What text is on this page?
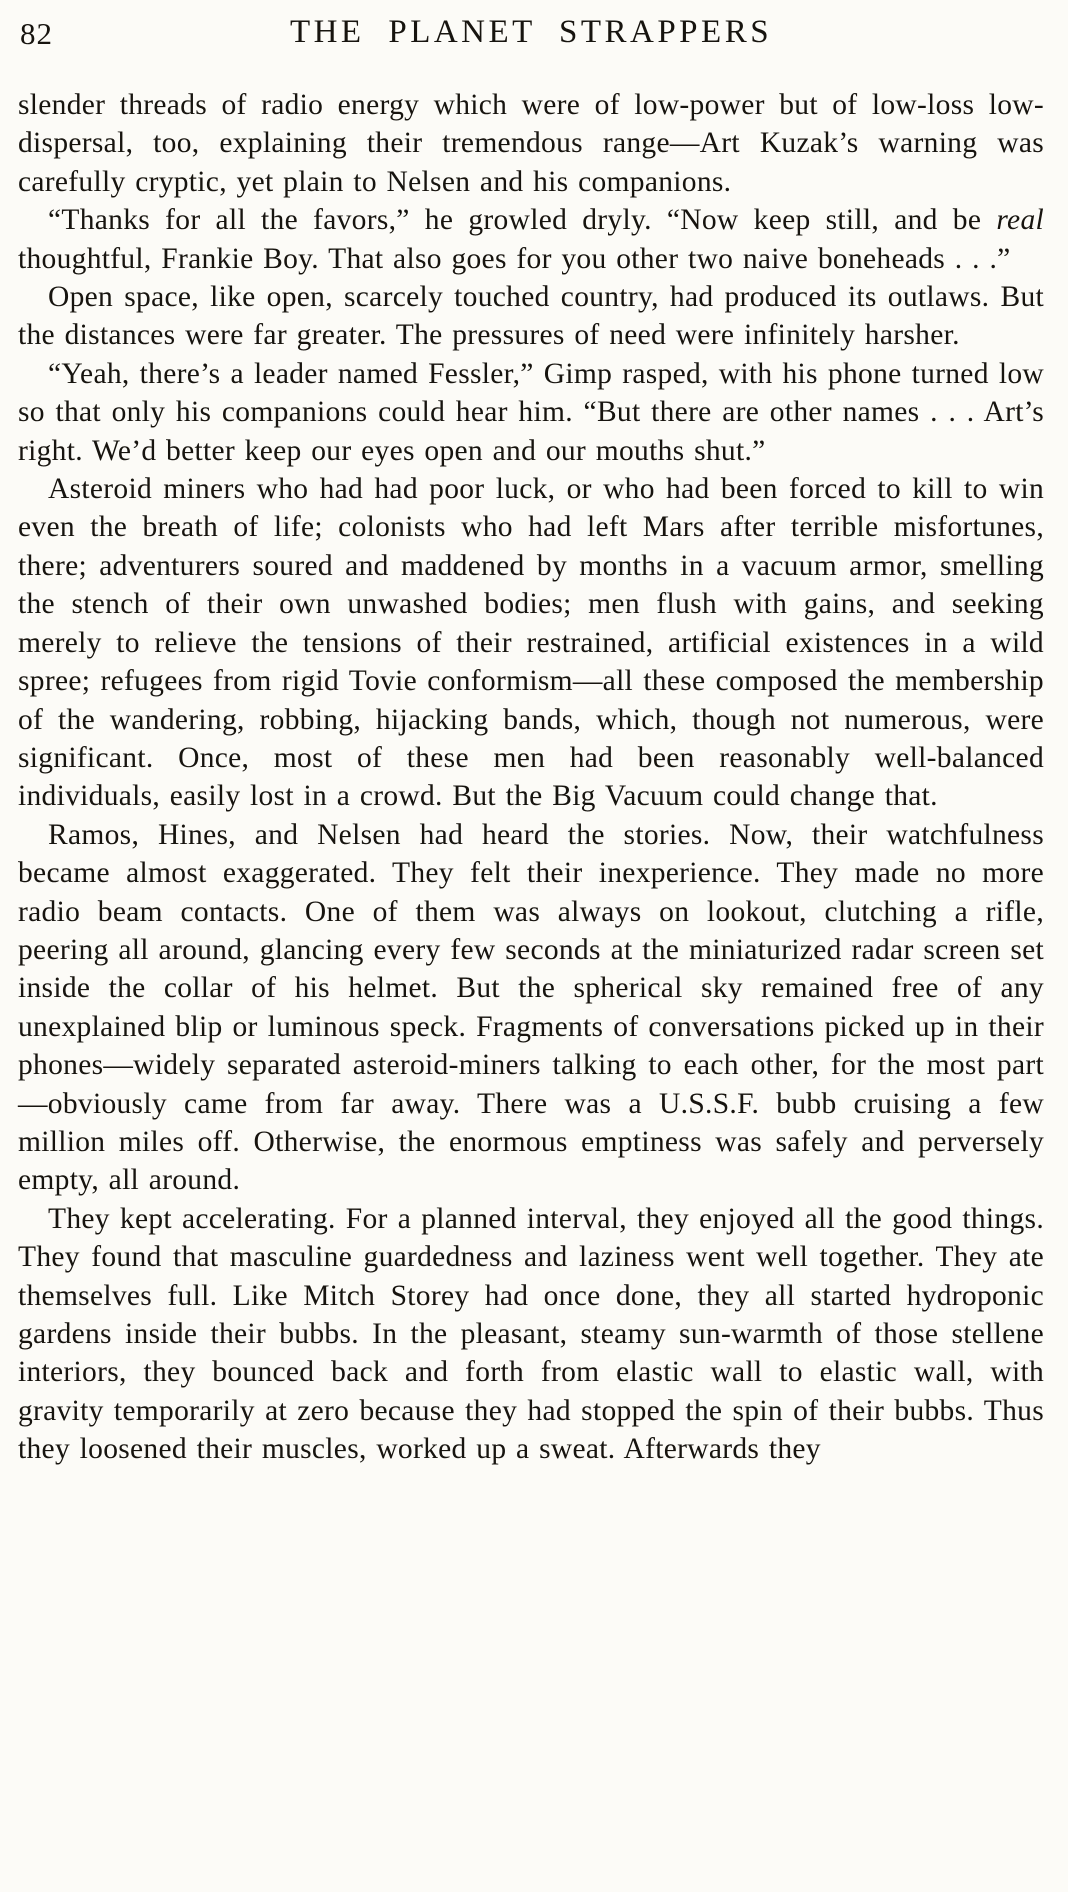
82	THE PLANET STRAPPERS

slender threads of radio energy which were of low-power but of low-loss low-dispersal, too, explaining their tremendous range—Art Kuzak’s warning was carefully cryptic, yet plain to Nelsen and his companions.

“Thanks for all the favors,” he growled dryly. “Now keep still, and be real thoughtful, Frankie Boy. That also goes for you other two naive boneheads . . .”

Open space, like open, scarcely touched country, had produced its outlaws. But the distances were far greater. The pressures of need were infinitely harsher.

“Yeah, there’s a leader named Fessler,” Gimp rasped, with his phone turned low so that only his companions could hear him. “But there are other names . . . Art’s right. We’d better keep our eyes open and our mouths shut.”

Asteroid miners who had had poor luck, or who had been forced to kill to win even the breath of life; colonists who had left Mars after terrible misfortunes, there; adventurers soured and maddened by months in a vacuum armor, smelling the stench of their own unwashed bodies; men flush with gains, and seeking merely to relieve the tensions of their restrained, artificial existences in a wild spree; refugees from rigid Tovie conformism—all these composed the membership of the wandering, robbing, hijacking bands, which, though not numerous, were significant. Once, most of these men had been reasonably well-balanced individuals, easily lost in a crowd. But the Big Vacuum could change that.

Ramos, Hines, and Nelsen had heard the stories. Now, their watchfulness became almost exaggerated. They felt their inexperience. They made no more radio beam contacts. One of them was always on lookout, clutching a rifle, peering all around, glancing every few seconds at the miniaturized radar screen set inside the collar of his helmet. But the spherical sky remained free of any unexplained blip or luminous speck. Fragments of conversations picked up in their phones—widely separated asteroid-miners talking to each other, for the most part—obviously came from far away. There was a U.S.S.F. bubb cruising a few million miles off. Otherwise, the enormous emptiness was safely and perversely empty, all around.

They kept accelerating. For a planned interval, they enjoyed all the good things. They found that masculine guardedness and laziness went well together. They ate themselves full. Like Mitch Storey had once done, they all started hydroponic gardens inside their bubbs. In the pleasant, steamy sun-warmth of those stellene interiors, they bounced back and forth from elastic wall to elastic wall, with gravity temporarily at zero because they had stopped the spin of their bubbs. Thus they loosened their muscles, worked up a sweat. Afterwards they
